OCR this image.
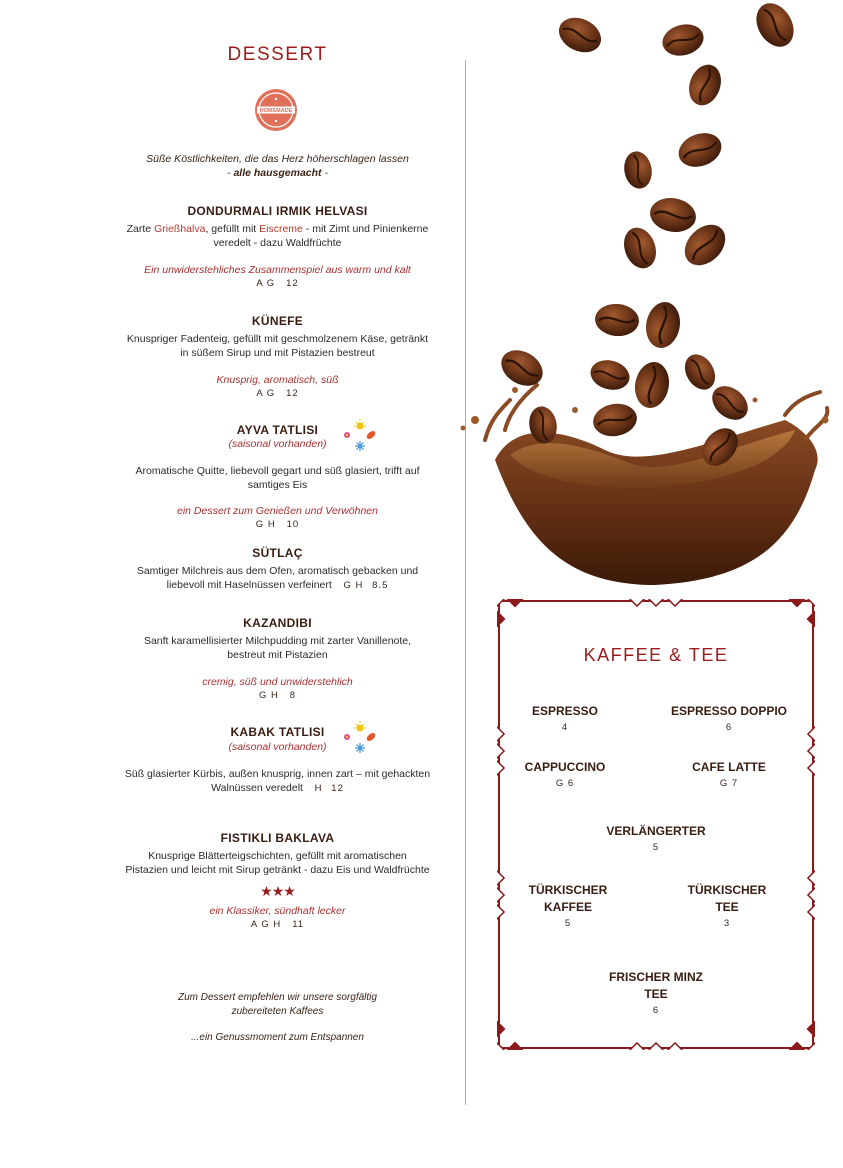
DESSERT
HOMEMADE
Süße Köstlichkeiten, die das Herz höherschlagen lassen
- alle hausgemacht -
DONDURMALI IRMIK HELVASI
Zarte Grießhalva, gefüllt mit Eiscreme - mit Zimt und Pinienkerne
veredelt - dazu Waldfrüchte
Ein unwiderstehliches Zusammenspiel aus warm und kalt
A G 12
KÜNEFE
Knuspriger Fadenteig, gefüllt mit geschmolzenem Käse, getränkt
in süßem Sirup und mit Pistazien bestreut
Knusprig, aromatisch, süß
A G 12
AYVA TATLISI
(saisonal vorhanden)
Aromatische Quitte, liebevoll gegart und süß glasiert, trifft auf
samtiges Eis
ein Dessert zum Genießen und Verwöhnen
G H 10
SÜTLAÇ
Samtiger Milchreis aus dem Ofen, aromatisch gebacken und
liebevoll mit Haselnüssen verfeinert G H 8.5
KAZANDIBI
Sanft karamellisierter Milchpudding mit zarter Vanillenote,
bestreut mit Pistazien
cremig, süß und unwiderstehlich
G H 8
KABAK TATLISI
(saisonal vorhanden)
Süß glasierter Kürbis, außen knusprig, innen zart – mit gehackten
Walnüssen veredelt H 12
FISTIKLI BAKLAVA
Knusprige Blätterteigschichten, gefüllt mit aromatischen
Pistazien und leicht mit Sirup getränkt - dazu Eis und Waldfrüchte
★★★
ein Klassiker, sündhaft lecker
A G H 11
Zum Dessert empfehlen wir unsere sorgfältig
zubereiteten Kaffees
...ein Genussmoment zum Entspannen
KAFFEE & TEE
ESPRESSO
4
ESPRESSO DOPPIO
6
CAPPUCCINO
G 6
CAFE LATTE
G 7
VERLÄNGERTER
5
TÜRKISCHER
KAFFEE
5
TÜRKISCHER
TEE
3
FRISCHER MINZ
TEE
6
